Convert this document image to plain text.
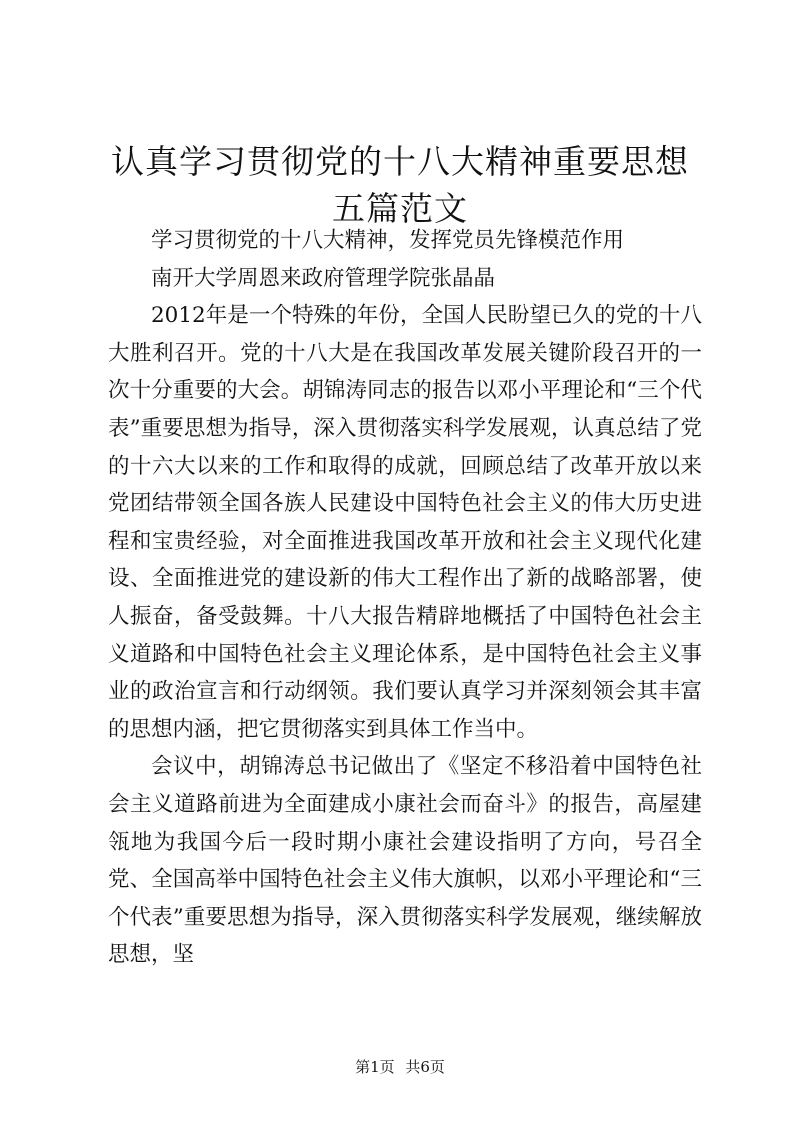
认真学习贯彻党的十八大精神重要思想五篇范文

学习贯彻党的十八大精神，发挥党员先锋模范作用

南开大学周恩来政府管理学院张晶晶

2012年是一个特殊的年份，全国人民盼望已久的党的十八大胜利召开。党的十八大是在我国改革发展关键阶段召开的一次十分重要的大会。胡锦涛同志的报告以邓小平理论和“三个代表”重要思想为指导，深入贯彻落实科学发展观，认真总结了党的十六大以来的工作和取得的成就，回顾总结了改革开放以来党团结带领全国各族人民建设中国特色社会主义的伟大历史进程和宝贵经验，对全面推进我国改革开放和社会主义现代化建设、全面推进党的建设新的伟大工程作出了新的战略部署，使人振奋，备受鼓舞。十八大报告精辟地概括了中国特色社会主义道路和中国特色社会主义理论体系，是中国特色社会主义事业的政治宣言和行动纲领。我们要认真学习并深刻领会其丰富的思想内涵，把它贯彻落实到具体工作当中。

会议中，胡锦涛总书记做出了《坚定不移沿着中国特色社会主义道路前进为全面建成小康社会而奋斗》的报告，高屋建瓴地为我国今后一段时期小康社会建设指明了方向，号召全党、全国高举中国特色社会主义伟大旗帜，以邓小平理论和“三个代表”重要思想为指导，深入贯彻落实科学发展观，继续解放思想，坚

第1页 共6页
